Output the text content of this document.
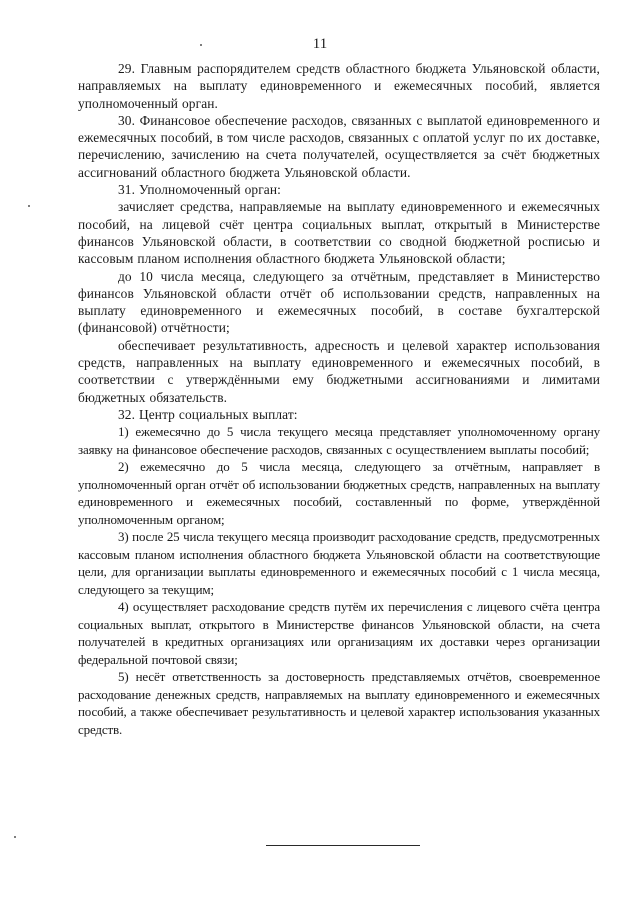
11

29. Главным распорядителем средств областного бюджета Ульяновской области, направляемых на выплату единовременного и ежемесячных пособий, является уполномоченный орган.

30. Финансовое обеспечение расходов, связанных с выплатой единовременного и ежемесячных пособий, в том числе расходов, связанных с оплатой услуг по их доставке, перечислению, зачислению на счета получателей, осуществляется за счёт бюджетных ассигнований областного бюджета Ульяновской области.

31. Уполномоченный орган:

зачисляет средства, направляемые на выплату единовременного и ежемесячных пособий, на лицевой счёт центра социальных выплат, открытый в Министерстве финансов Ульяновской области, в соответствии со сводной бюджетной росписью и кассовым планом исполнения областного бюджета Ульяновской области;

до 10 числа месяца, следующего за отчётным, представляет в Министерство финансов Ульяновской области отчёт об использовании средств, направленных на выплату единовременного и ежемесячных пособий, в составе бухгалтерской (финансовой) отчётности;

обеспечивает результативность, адресность и целевой характер использования средств, направленных на выплату единовременного и ежемесячных пособий, в соответствии с утверждёнными ему бюджетными ассигнованиями и лимитами бюджетных обязательств.

32. Центр социальных выплат:

1) ежемесячно до 5 числа текущего месяца представляет уполномоченному органу заявку на финансовое обеспечение расходов, связанных с осуществлением выплаты пособий;

2) ежемесячно до 5 числа месяца, следующего за отчётным, направляет в уполномоченный орган отчёт об использовании бюджетных средств, направленных на выплату единовременного и ежемесячных пособий, составленный по форме, утверждённой уполномоченным органом;

3) после 25 числа текущего месяца производит расходование средств, предусмотренных кассовым планом исполнения областного бюджета Ульяновской области на соответствующие цели, для организации выплаты единовременного и ежемесячных пособий с 1 числа месяца, следующего за текущим;

4) осуществляет расходование средств путём их перечисления с лицевого счёта центра социальных выплат, открытого в Министерстве финансов Ульяновской области, на счета получателей в кредитных организациях или организациям их доставки через организации федеральной почтовой связи;

5) несёт ответственность за достоверность представляемых отчётов, своевременное расходование денежных средств, направляемых на выплату единовременного и ежемесячных пособий, а также обеспечивает результативность и целевой характер использования указанных средств.
